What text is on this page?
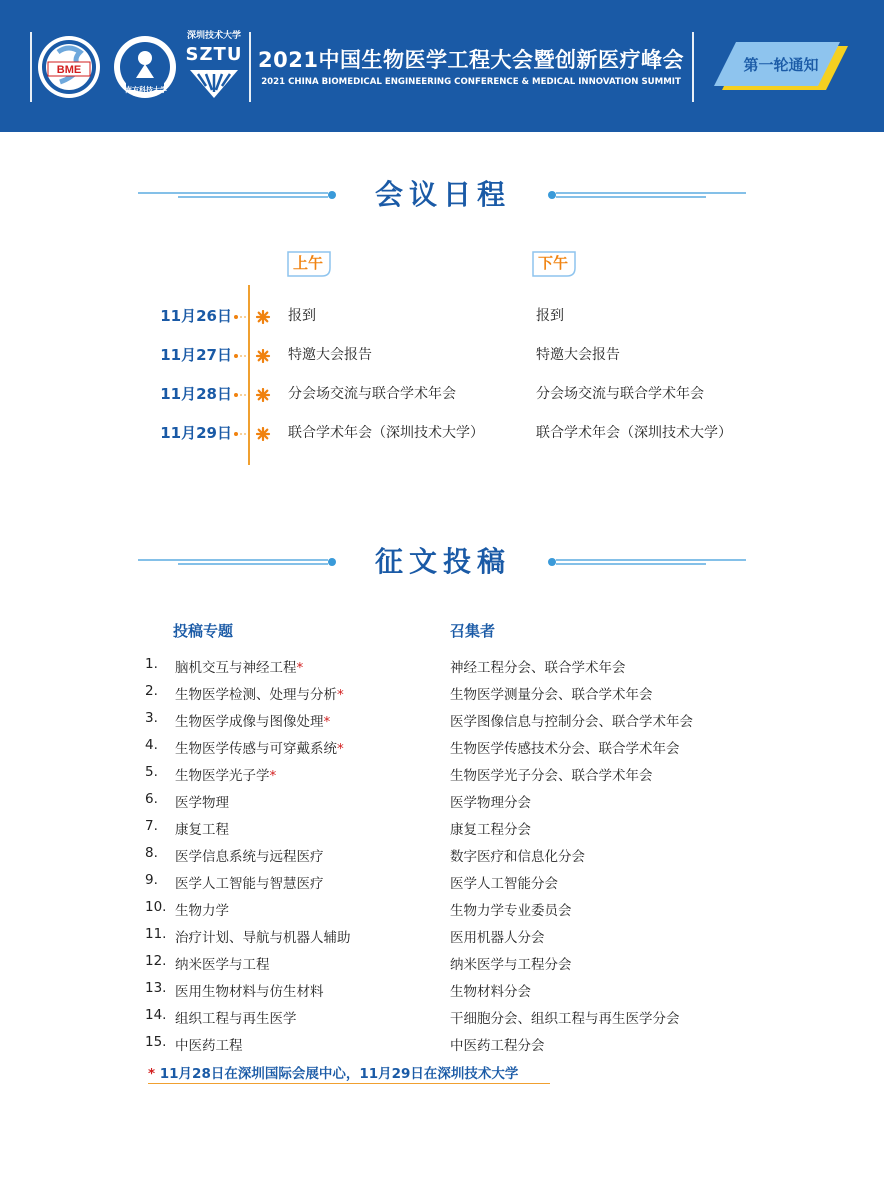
BME
南方科技大学
深圳技术大学
SZTU 2021中国生物医学工程大会暨创新医疗峰会
2021 CHINA BIOMEDICAL ENGINEERING CONFERENCE & MEDICAL INNOVATION SUMMIT
第一轮通知
会议日程
上午	下午
11月26日	报到	报到
11月27日	特邀大会报告	特邀大会报告
11月28日	分会场交流与联合学术年会	分会场交流与联合学术年会
11月29日	联合学术年会（深圳技术大学）	联合学术年会（深圳技术大学）
征文投稿
投稿专题	召集者
1.	脑机交互与神经工程*	神经工程分会、联合学术年会
2.	生物医学检测、处理与分析*	生物医学测量分会、联合学术年会
3.	生物医学成像与图像处理*	医学图像信息与控制分会、联合学术年会
4.	生物医学传感与可穿戴系统*	生物医学传感技术分会、联合学术年会
5.	生物医学光子学*	生物医学光子分会、联合学术年会
6.	医学物理	医学物理分会
7.	康复工程	康复工程分会
8.	医学信息系统与远程医疗	数字医疗和信息化分会
9.	医学人工智能与智慧医疗	医学人工智能分会
10. 生物力学	生物力学专业委员会
11. 治疗计划、导航与机器人辅助	医用机器人分会
12. 纳米医学与工程	纳米医学与工程分会
13. 医用生物材料与仿生材料	生物材料分会
14. 组织工程与再生医学	干细胞分会、组织工程与再生医学分会
15. 中医药工程	中医药工程分会
* 11月28日在深圳国际会展中心，11月29日在深圳技术大学
